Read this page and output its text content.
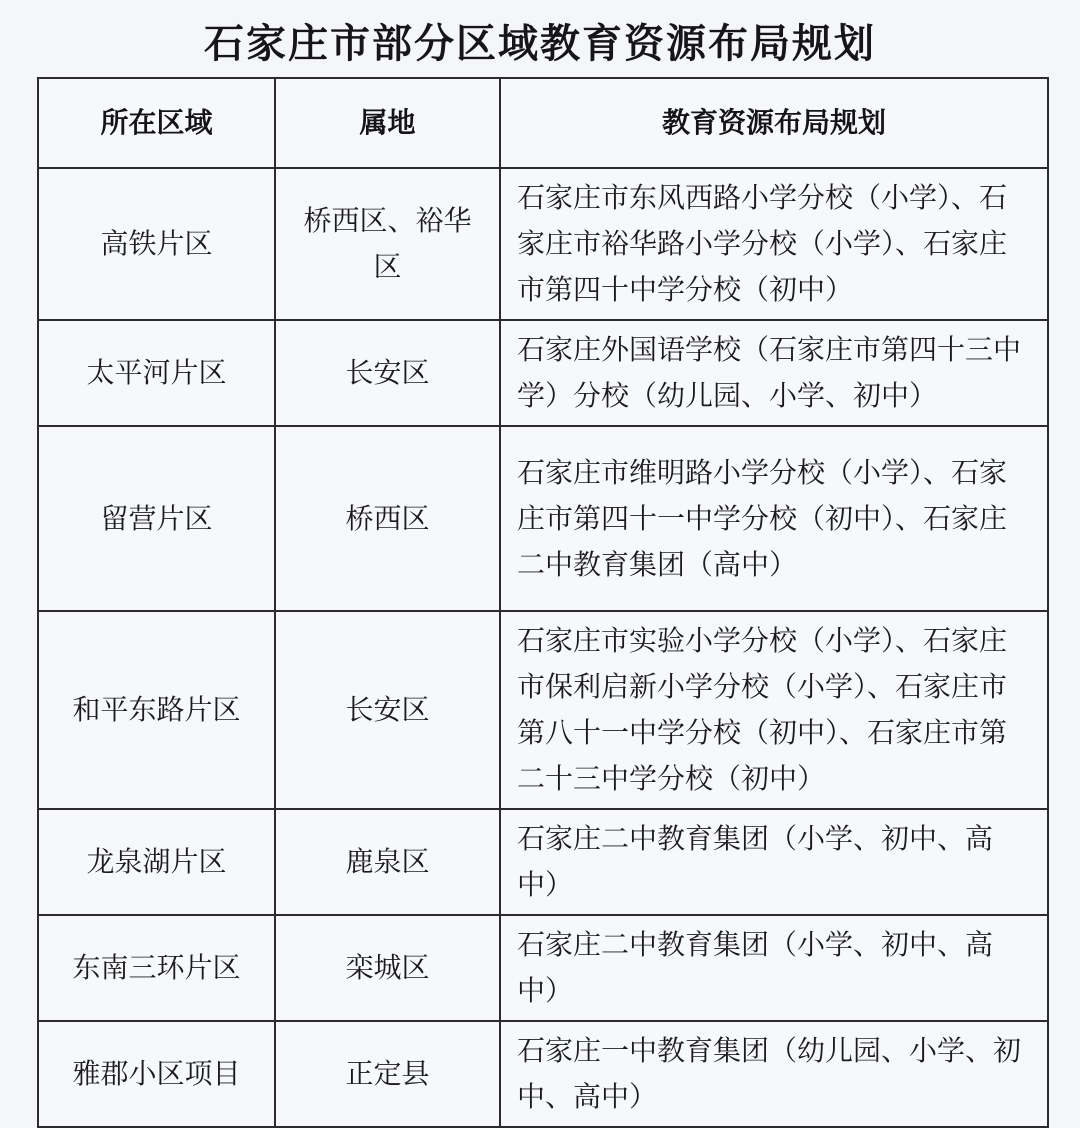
石家庄市部分区域教育资源布局规划
所在区域	属地	教育资源布局规划
高铁片区	桥西区、裕华区	石家庄市东风西路小学分校（小学）、石家庄市裕华路小学分校（小学）、石家庄市第四十中学分校（初中）
太平河片区	长安区	石家庄外国语学校（石家庄市第四十三中学）分校（幼儿园、小学、初中）
留营片区	桥西区	石家庄市维明路小学分校（小学）、石家庄市第四十一中学分校（初中）、石家庄二中教育集团（高中）
和平东路片区	长安区	石家庄市实验小学分校（小学）、石家庄市保利启新小学分校（小学）、石家庄市第八十一中学分校（初中）、石家庄市第二十三中学分校（初中）
龙泉湖片区	鹿泉区	石家庄二中教育集团（小学、初中、高中）
东南三环片区	栾城区	石家庄二中教育集团（小学、初中、高中）
雅郡小区项目	正定县	石家庄一中教育集团（幼儿园、小学、初中、高中）
